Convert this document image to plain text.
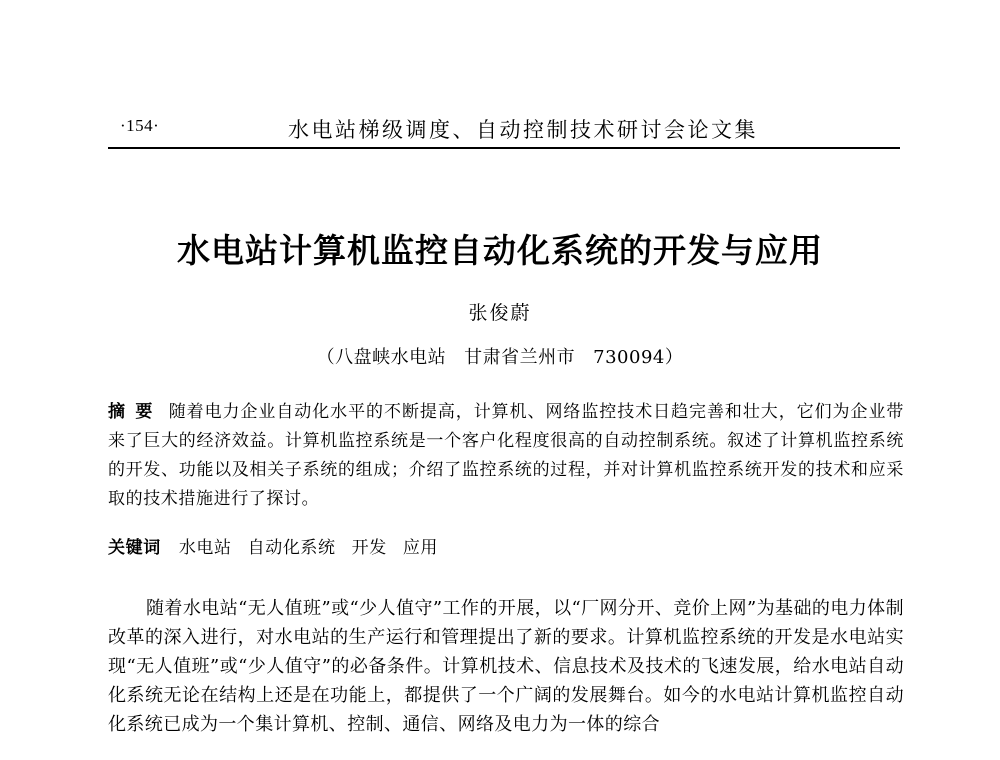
·154·	水电站梯级调度、自动控制技术研讨会论文集
水电站计算机监控自动化系统的开发与应用
张俊蔚
（八盘峡水电站 甘肃省兰州市 730094）
摘要 随着电力企业自动化水平的不断提高，计算机、网络监控技术日趋完善和壮大，它们为企业带来了巨大的经济效益。计算机监控系统是一个客户化程度很高的自动控制系统。叙述了计算机监控系统的开发、功能以及相关子系统的组成；介绍了监控系统的过程，并对计算机监控系统开发的技术和应采取的技术措施进行了探讨。
关键词 水电站 自动化系统 开发 应用
随着水电站“无人值班”或“少人值守”工作的开展，以“厂网分开、竞价上网”为基础的电力体制改革的深入进行，对水电站的生产运行和管理提出了新的要求。计算机监控系统的开发是水电站实现“无人值班”或“少人值守”的必备条件。计算机技术、信息技术及技术的飞速发展，给水电站自动化系统无论在结构上还是在功能上，都提供了一个广阔的发展舞台。如今的水电站计算机监控自动化系统已成为一个集计算机、控制、通信、网络及电力为一体的综合
